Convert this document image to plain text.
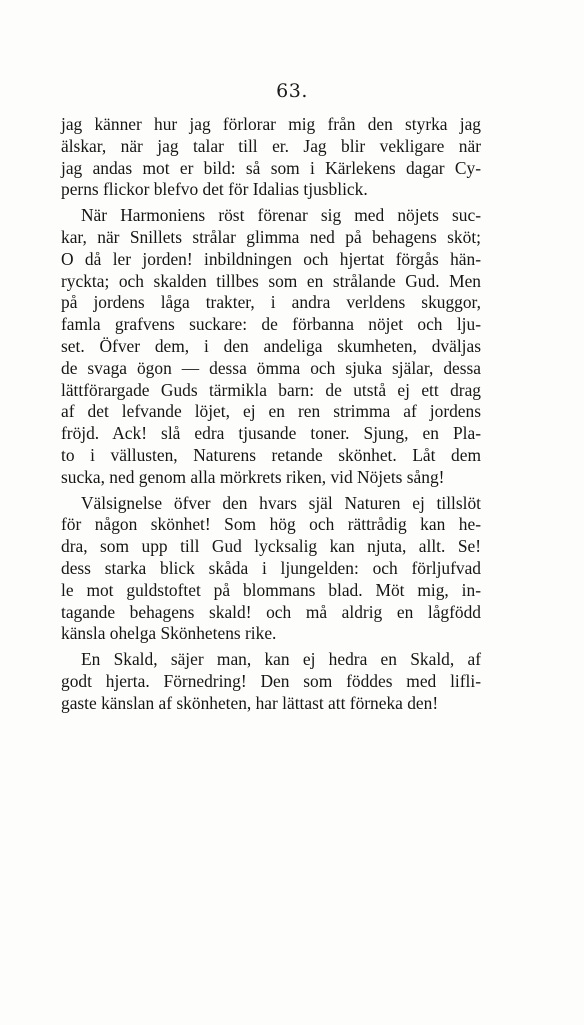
63.
jag känner hur jag förlorar mig från den styrka jag
älskar, när jag talar till er. Jag blir vekligare när
jag andas mot er bild: så som i Kärlekens dagar Cy-
perns flickor blefvo det för Idalias tjusblick.
När Harmoniens röst förenar sig med nöjets suc-
kar, när Snillets strålar glimma ned på behagens sköt;
O då ler jorden! inbildningen och hjertat förgås hän-
ryckta; och skalden tillbes som en strålande Gud. Men
på jordens låga trakter, i andra verldens skuggor,
famla grafvens suckare: de förbanna nöjet och lju-
set. Öfver dem, i den andeliga skumheten, dväljas
de svaga ögon — dessa ömma och sjuka själar, dessa
lättförargade Guds tärmikla barn: de utstå ej ett drag
af det lefvande löjet, ej en ren strimma af jordens
fröjd. Ack! slå edra tjusande toner. Sjung, en Pla-
to i vällusten, Naturens retande skönhet. Låt dem
sucka, ned genom alla mörkrets riken, vid Nöjets sång!
Välsignelse öfver den hvars själ Naturen ej tillslöt
för någon skönhet! Som hög och rättrådig kan he-
dra, som upp till Gud lycksalig kan njuta, allt. Se!
dess starka blick skåda i ljungelden: och förljufvad
le mot guldstoftet på blommans blad. Möt mig, in-
tagande behagens skald! och må aldrig en lågfödd
känsla ohelga Skönhetens rike.
En Skald, säjer man, kan ej hedra en Skald, af
godt hjerta. Förnedring! Den som föddes med lifli-
gaste känslan af skönheten, har lättast att förneka den!
